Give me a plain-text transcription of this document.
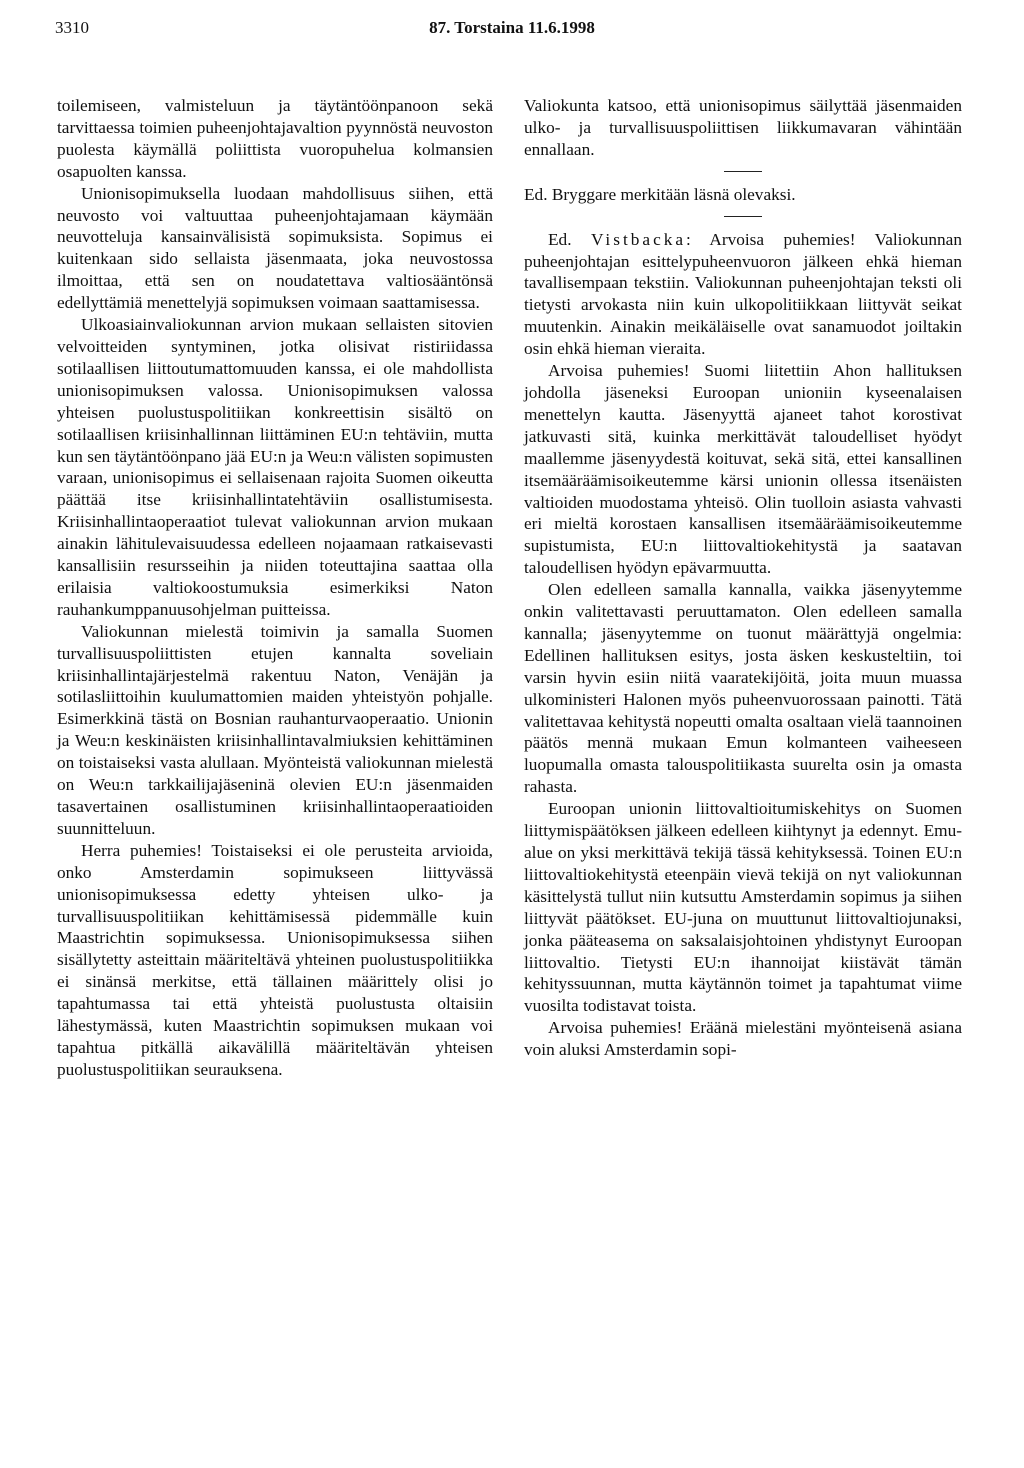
3310	87. Torstaina 11.6.1998

toilemiseen, valmisteluun ja täytäntöönpanoon sekä tarvittaessa toimien puheenjohtajavaltion pyynnöstä neuvoston puolesta käymällä poliittista vuoropuhelua kolmansien osapuolten kanssa.

Unionisopimuksella luodaan mahdollisuus siihen, että neuvosto voi valtuuttaa puheenjohtajamaan käymään neuvotteluja kansainvälisistä sopimuksista. Sopimus ei kuitenkaan sido sellaista jäsenmaata, joka neuvostossa ilmoittaa, että sen on noudatettava valtiosääntönsä edellyttämiä menettelyjä sopimuksen voimaan saattamisessa.

Ulkoasiainvaliokunnan arvion mukaan sellaisten sitovien velvoitteiden syntyminen, jotka olisivat ristiriidassa sotilaallisen liittoutumattomuuden kanssa, ei ole mahdollista unionisopimuksen valossa. Unionisopimuksen valossa yhteisen puolustuspolitiikan konkreettisin sisältö on sotilaallisen kriisinhallinnan liittäminen EU:n tehtäviin, mutta kun sen täytäntöönpano jää EU:n ja Weu:n välisten sopimusten varaan, unionisopimus ei sellaisenaan rajoita Suomen oikeutta päättää itse kriisinhallintatehtäviin osallistumisesta. Kriisinhallintaoperaatiot tulevat valiokunnan arvion mukaan ainakin lähitulevaisuudessa edelleen nojaamaan ratkaisevasti kansallisiin resursseihin ja niiden toteuttajina saattaa olla erilaisia valtiokoostumuksia esimerkiksi Naton rauhankumppanuusohjelman puitteissa.

Valiokunnan mielestä toimivin ja samalla Suomen turvallisuuspoliittisten etujen kannalta soveliain kriisinhallintajärjestelmä rakentuu Naton, Venäjän ja sotilasliittoihin kuulumattomien maiden yhteistyön pohjalle. Esimerkkinä tästä on Bosnian rauhanturvaoperaatio. Unionin ja Weu:n keskinäisten kriisinhallintavalmiuksien kehittäminen on toistaiseksi vasta alullaan. Myönteistä valiokunnan mielestä on Weu:n tarkkailijajäseninä olevien EU:n jäsenmaiden tasavertainen osallistuminen kriisinhallintaoperaatioiden suunnitteluun.

Herra puhemies! Toistaiseksi ei ole perusteita arvioida, onko Amsterdamin sopimukseen liittyvässä unionisopimuksessa edetty yhteisen ulko- ja turvallisuuspolitiikan kehittämisessä pidemmälle kuin Maastrichtin sopimuksessa. Unionisopimuksessa siihen sisällytetty asteittain määriteltävä yhteinen puolustuspolitiikka ei sinänsä merkitse, että tällainen määrittely olisi jo tapahtumassa tai että yhteistä puolustusta oltaisiin lähestymässä, kuten Maastrichtin sopimuksen mukaan voi tapahtua pitkällä aikavälillä määriteltävän yhteisen puolustuspolitiikan seurauksena.

Valiokunta katsoo, että unionisopimus säilyttää jäsenmaiden ulko- ja turvallisuuspoliittisen liikkumavaran vähintään ennallaan.

Ed. Bryggare merkitään läsnä olevaksi.

Ed. Vistbacka: Arvoisa puhemies! Valiokunnan puheenjohtajan esittelypuheenvuoron jälkeen ehkä hieman tavallisempaan tekstiin. Valiokunnan puheenjohtajan teksti oli tietysti arvokasta niin kuin ulkopolitiikkaan liittyvät seikat muutenkin. Ainakin meikäläiselle ovat sanamuodot joiltakin osin ehkä hieman vieraita.

Arvoisa puhemies! Suomi liitettiin Ahon hallituksen johdolla jäseneksi Euroopan unioniin kyseenalaisen menettelyn kautta. Jäsenyyttä ajaneet tahot korostivat jatkuvasti sitä, kuinka merkittävät taloudelliset hyödyt maallemme jäsenyydestä koituvat, sekä sitä, ettei kansallinen itsemääräämisoikeutemme kärsi unionin ollessa itsenäisten valtioiden muodostama yhteisö. Olin tuolloin asiasta vahvasti eri mieltä korostaen kansallisen itsemääräämisoikeutemme supistumista, EU:n liittovaltiokehitystä ja saatavan taloudellisen hyödyn epävarmuutta.

Olen edelleen samalla kannalla, vaikka jäsenyytemme onkin valitettavasti peruuttamaton. Olen edelleen samalla kannalla; jäsenyytemme on tuonut määrättyjä ongelmia: Edellinen hallituksen esitys, josta äsken keskusteltiin, toi varsin hyvin esiin niitä vaaratekijöitä, joita muun muassa ulkoministeri Halonen myös puheenvuorossaan painotti. Tätä valitettavaa kehitystä nopeutti omalta osaltaan vielä taannoinen päätös mennä mukaan Emun kolmanteen vaiheeseen luopumalla omasta talouspolitiikasta suurelta osin ja omasta rahasta.

Euroopan unionin liittovaltioitumiskehitys on Suomen liittymispäätöksen jälkeen edelleen kiihtynyt ja edennyt. Emu-alue on yksi merkittävä tekijä tässä kehityksessä. Toinen EU:n liittovaltiokehitystä eteenpäin vievä tekijä on nyt valiokunnan käsittelystä tullut niin kutsuttu Amsterdamin sopimus ja siihen liittyvät päätökset. EU-juna on muuttunut liittovaltiojunaksi, jonka pääteasema on saksalaisjohtoinen yhdistynyt Euroopan liittovaltio. Tietysti EU:n ihannoijat kiistävät tämän kehityssuunnan, mutta käytännön toimet ja tapahtumat viime vuosilta todistavat toista.

Arvoisa puhemies! Eräänä mielestäni myönteisenä asiana voin aluksi Amsterdamin sopi-
